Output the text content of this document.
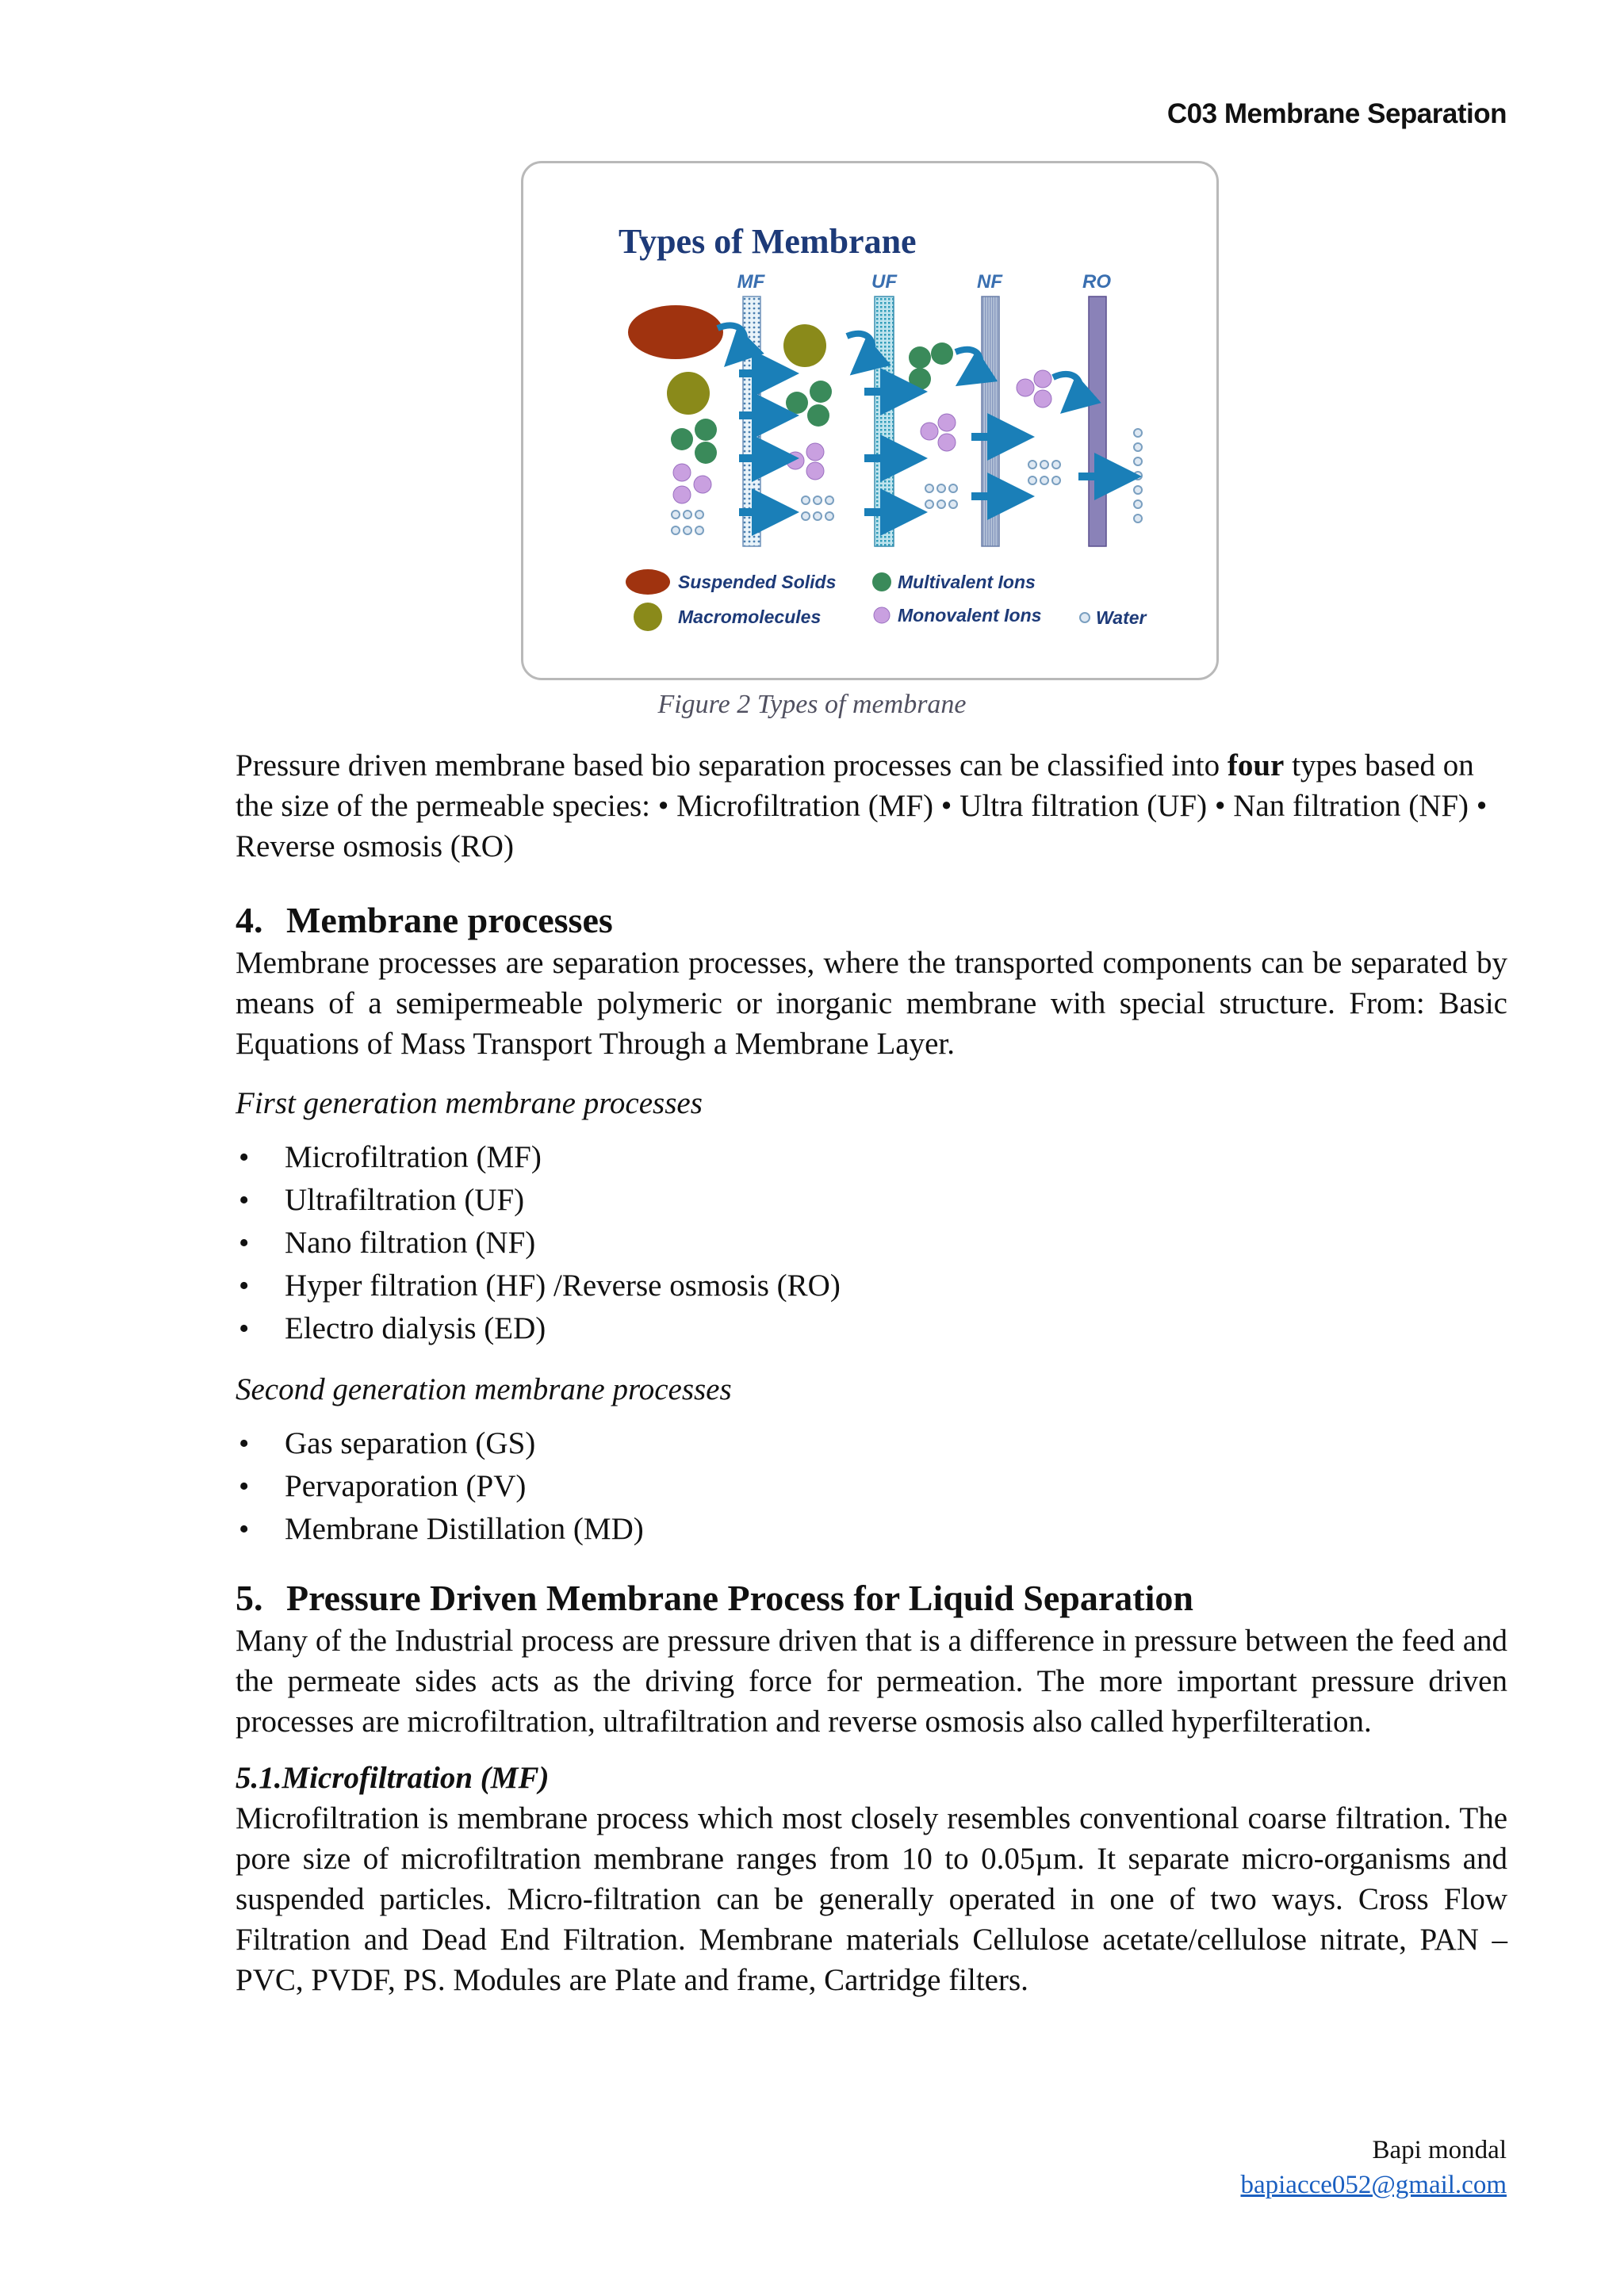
C03 Membrane Separation
Types of Membrane
MF	UF	NF	RO
Suspended Solids	Multivalent Ions
Macromolecules	Monovalent Ions	Water
Figure 2 Types of membrane

Pressure driven membrane based bio separation processes can be classified into four types based on the size of the permeable species: • Microfiltration (MF) • Ultra filtration (UF) • Nan filtration (NF) • Reverse osmosis (RO)

4. Membrane processes

Membrane processes are separation processes, where the transported components can be separated by means of a semipermeable polymeric or inorganic membrane with special structure. From: Basic Equations of Mass Transport Through a Membrane Layer.

First generation membrane processes

• Microfiltration (MF)
• Ultrafiltration (UF)
• Nano filtration (NF)
• Hyper filtration (HF) /Reverse osmosis (RO)
• Electro dialysis (ED)

Second generation membrane processes

• Gas separation (GS)
• Pervaporation (PV)
• Membrane Distillation (MD)
5. Pressure Driven Membrane Process for Liquid Separation

Many of the Industrial process are pressure driven that is a difference in pressure between the feed and the permeate sides acts as the driving force for permeation. The more important pressure driven processes are microfiltration, ultrafiltration and reverse osmosis also called hyperfilteration.

5.1.Microfiltration (MF)

Microfiltration is membrane process which most closely resembles conventional coarse filtration. The pore size of microfiltration membrane ranges from 10 to 0.05µm. It separate micro-organisms and suspended particles. Micro-filtration can be generally operated in one of two ways. Cross Flow Filtration and Dead End Filtration. Membrane materials Cellulose acetate/cellulose nitrate, PAN – PVC, PVDF, PS. Modules are Plate and frame, Cartridge filters.

Bapi mondal
bapiacce052@gmail.com
